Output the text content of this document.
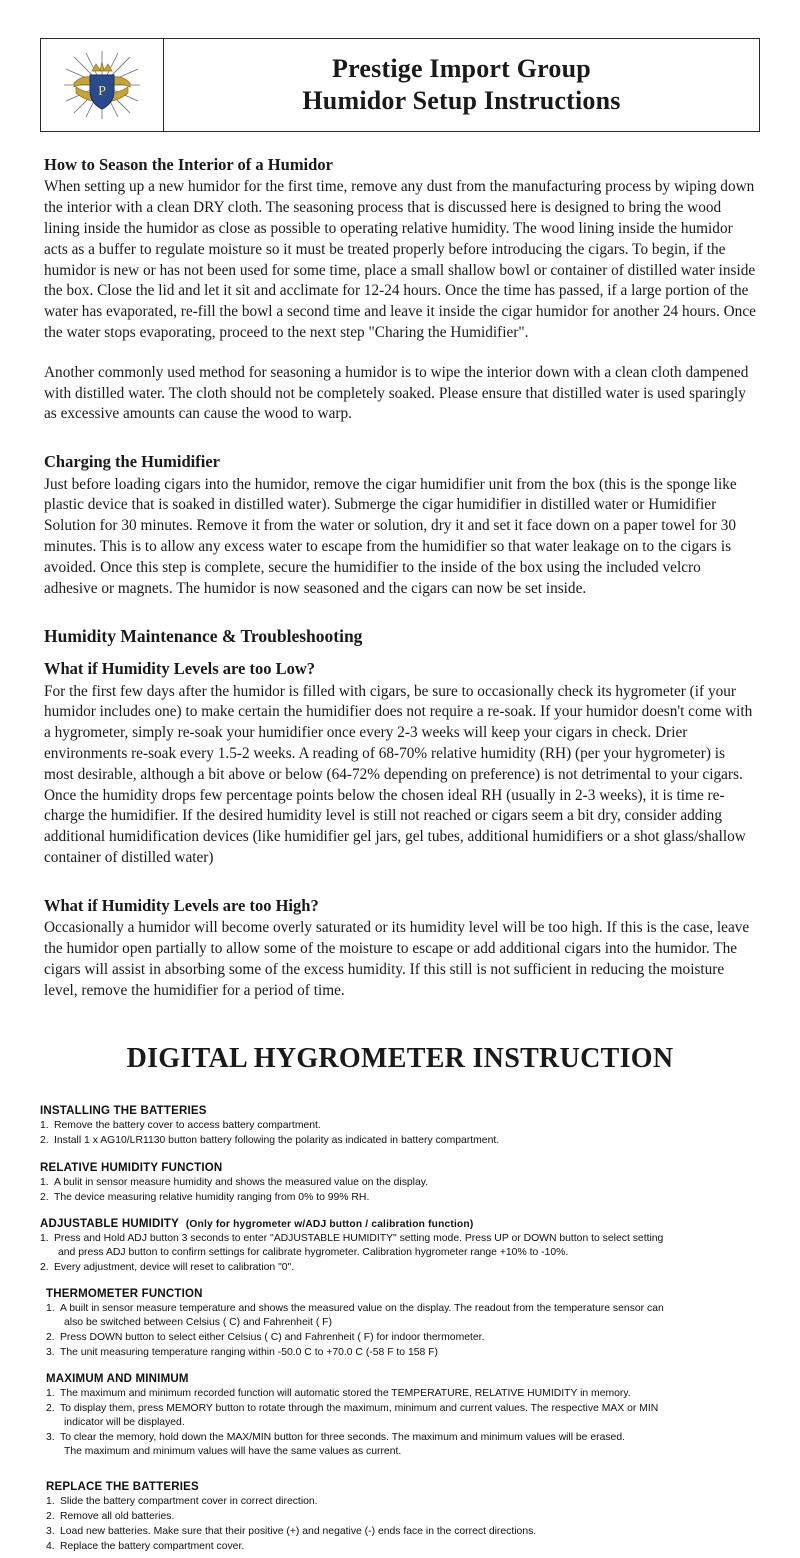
P
Prestige Import Group
Humidor Setup Instructions
How to Season the Interior of a Humidor

When setting up a new humidor for the first time, remove any dust from the manufacturing process by wiping down the interior with a clean DRY cloth. The seasoning process that is discussed here is designed to bring the wood lining inside the humidor as close as possible to operating relative humidity. The wood lining inside the humidor acts as a buffer to regulate moisture so it must be treated properly before introducing the cigars. To begin, if the humidor is new or has not been used for some time, place a small shallow bowl or container of distilled water inside the box. Close the lid and let it sit and acclimate for 12-24 hours. Once the time has passed, if a large portion of the water has evaporated, re-fill the bowl a second time and leave it inside the cigar humidor for another 24 hours. Once the water stops evaporating, proceed to the next step "Charing the Humidifier".

Another commonly used method for seasoning a humidor is to wipe the interior down with a clean cloth dampened with distilled water. The cloth should not be completely soaked. Please ensure that distilled water is used sparingly as excessive amounts can cause the wood to warp.

Charging the Humidifier

Just before loading cigars into the humidor, remove the cigar humidifier unit from the box (this is the sponge like plastic device that is soaked in distilled water). Submerge the cigar humidifier in distilled water or Humidifier Solution for 30 minutes. Remove it from the water or solution, dry it and set it face down on a paper towel for 30 minutes. This is to allow any excess water to escape from the humidifier so that water leakage on to the cigars is avoided. Once this step is complete, secure the humidifier to the inside of the box using the included velcro adhesive or magnets. The humidor is now seasoned and the cigars can now be set inside.

Humidity Maintenance & Troubleshooting
What if Humidity Levels are too Low?

For the first few days after the humidor is filled with cigars, be sure to occasionally check its hygrometer (if your humidor includes one) to make certain the humidifier does not require a re-soak. If your humidor doesn't come with a hygrometer, simply re-soak your humidifier once every 2-3 weeks will keep your cigars in check. Drier environments re-soak every 1.5-2 weeks. A reading of 68-70% relative humidity (RH) (per your hygrometer) is most desirable, although a bit above or below (64-72% depending on preference) is not detrimental to your cigars. Once the humidity drops few percentage points below the chosen ideal RH (usually in 2-3 weeks), it is time re-charge the humidifier. If the desired humidity level is still not reached or cigars seem a bit dry, consider adding additional humidification devices (like humidifier gel jars, gel tubes, additional humidifiers or a shot glass/shallow container of distilled water)

What if Humidity Levels are too High?

Occasionally a humidor will become overly saturated or its humidity level will be too high. If this is the case, leave the humidor open partially to allow some of the moisture to escape or add additional cigars into the humidor. The cigars will assist in absorbing some of the excess humidity. If this still is not sufficient in reducing the moisture level, remove the humidifier for a period of time.

DIGITAL HYGROMETER INSTRUCTION
INSTALLING THE BATTERIES
1. Remove the battery cover to access battery compartment.
2. Install 1 x AG10/LR1130 button battery following the polarity as indicated in battery compartment.
RELATIVE HUMIDITY FUNCTION
1. A bulit in sensor measure humidity and shows the measured value on the display.
2. The device measuring relative humidity ranging from 0% to 99% RH.
ADJUSTABLE HUMIDITY (Only for hygrometer w/ADJ button / calibration function)
1. Press and Hold ADJ button 3 seconds to enter "ADJUSTABLE HUMIDITY" setting mode. Press UP or DOWN button to select setting
and press ADJ button to confirm settings for calibrate hygrometer. Calibration hygrometer range +10% to -10%.
2. Every adjustment, device will reset to calibration "0".
THERMOMETER FUNCTION
1. A built in sensor measure temperature and shows the measured value on the display. The readout from the temperature sensor can
also be switched between Celsius ( C) and Fahrenheit ( F)
2. Press DOWN button to select either Celsius ( C) and Fahrenheit ( F) for indoor thermometer.
3. The unit measuring temperature ranging within -50.0 C to +70.0 C (-58 F to 158 F)
MAXIMUM AND MINIMUM
1. The maximum and minimum recorded function will automatic stored the TEMPERATURE, RELATIVE HUMIDITY in memory.
2. To display them, press MEMORY button to rotate through the maximum, minimum and current values. The respective MAX or MIN
indicator will be displayed.
3. To clear the memory, hold down the MAX/MIN button for three seconds. The maximum and minimum values will be erased.
The maximum and minimum values will have the same values as current.
REPLACE THE BATTERIES
1. Slide the battery compartment cover in correct direction.
2. Remove all old batteries.
3. Load new batteries. Make sure that their positive (+) and negative (-) ends face in the correct directions.
4. Replace the battery compartment cover.
